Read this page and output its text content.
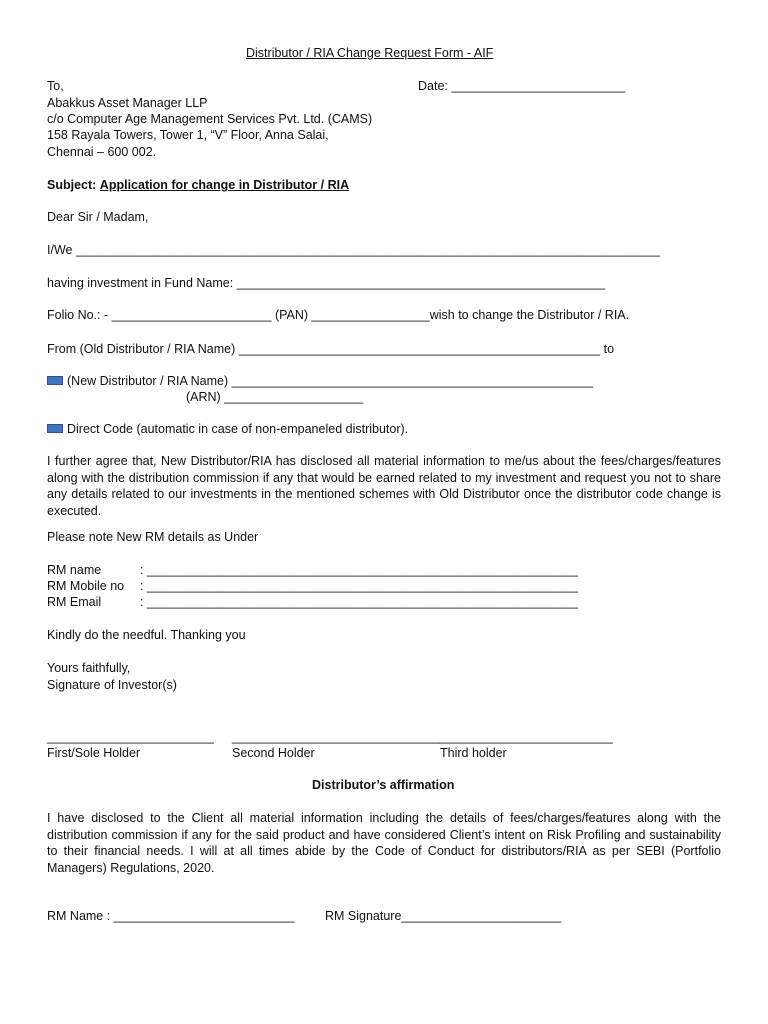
Distributor / RIA Change Request Form - AIF
To,	Date: _________________________
Abakkus Asset Manager LLP
c/o Computer Age Management Services Pvt. Ltd. (CAMS)
158 Rayala Towers, Tower 1, “V” Floor, Anna Salai,
Chennai – 600 002.
Subject: Application for change in Distributor / RIA
Dear Sir / Madam,
I/We ____________________________________________________________________________________
having investment in Fund Name: _____________________________________________________
Folio No.: - _______________________ (PAN) _________________wish to change the Distributor / RIA.
From (Old Distributor / RIA Name) ____________________________________________________ to
(New Distributor / RIA Name) ____________________________________________________
(ARN) ____________________
Direct Code (automatic in case of non-empaneled distributor).
I further agree that, New Distributor/RIA has disclosed all material information to me/us about the fees/charges/features along with the distribution commission if any that would be earned related to my investment and request you not to share any details related to our investments in the mentioned schemes with Old Distributor once the distributor code change is executed.
Please note New RM details as Under
RM name	: ______________________________________________________________
RM Mobile no : ______________________________________________________________
RM Email	: ______________________________________________________________
Kindly do the needful. Thanking you
Yours faithfully,
Signature of Investor(s)
________________________ ______________________________
_________________________
First/Sole Holder	Second Holder	Third holder
Distributor’s affirmation
I have disclosed to the Client all material information including the details of fees/charges/features along with the distribution commission if any for the said product and have considered Client’s intent on Risk Profiling and sustainability to their financial needs. I will at all times abide by the Code of Conduct for distributors/RIA as per SEBI (Portfolio Managers) Regulations, 2020.
RM Name : __________________________ RM Signature_______________________
